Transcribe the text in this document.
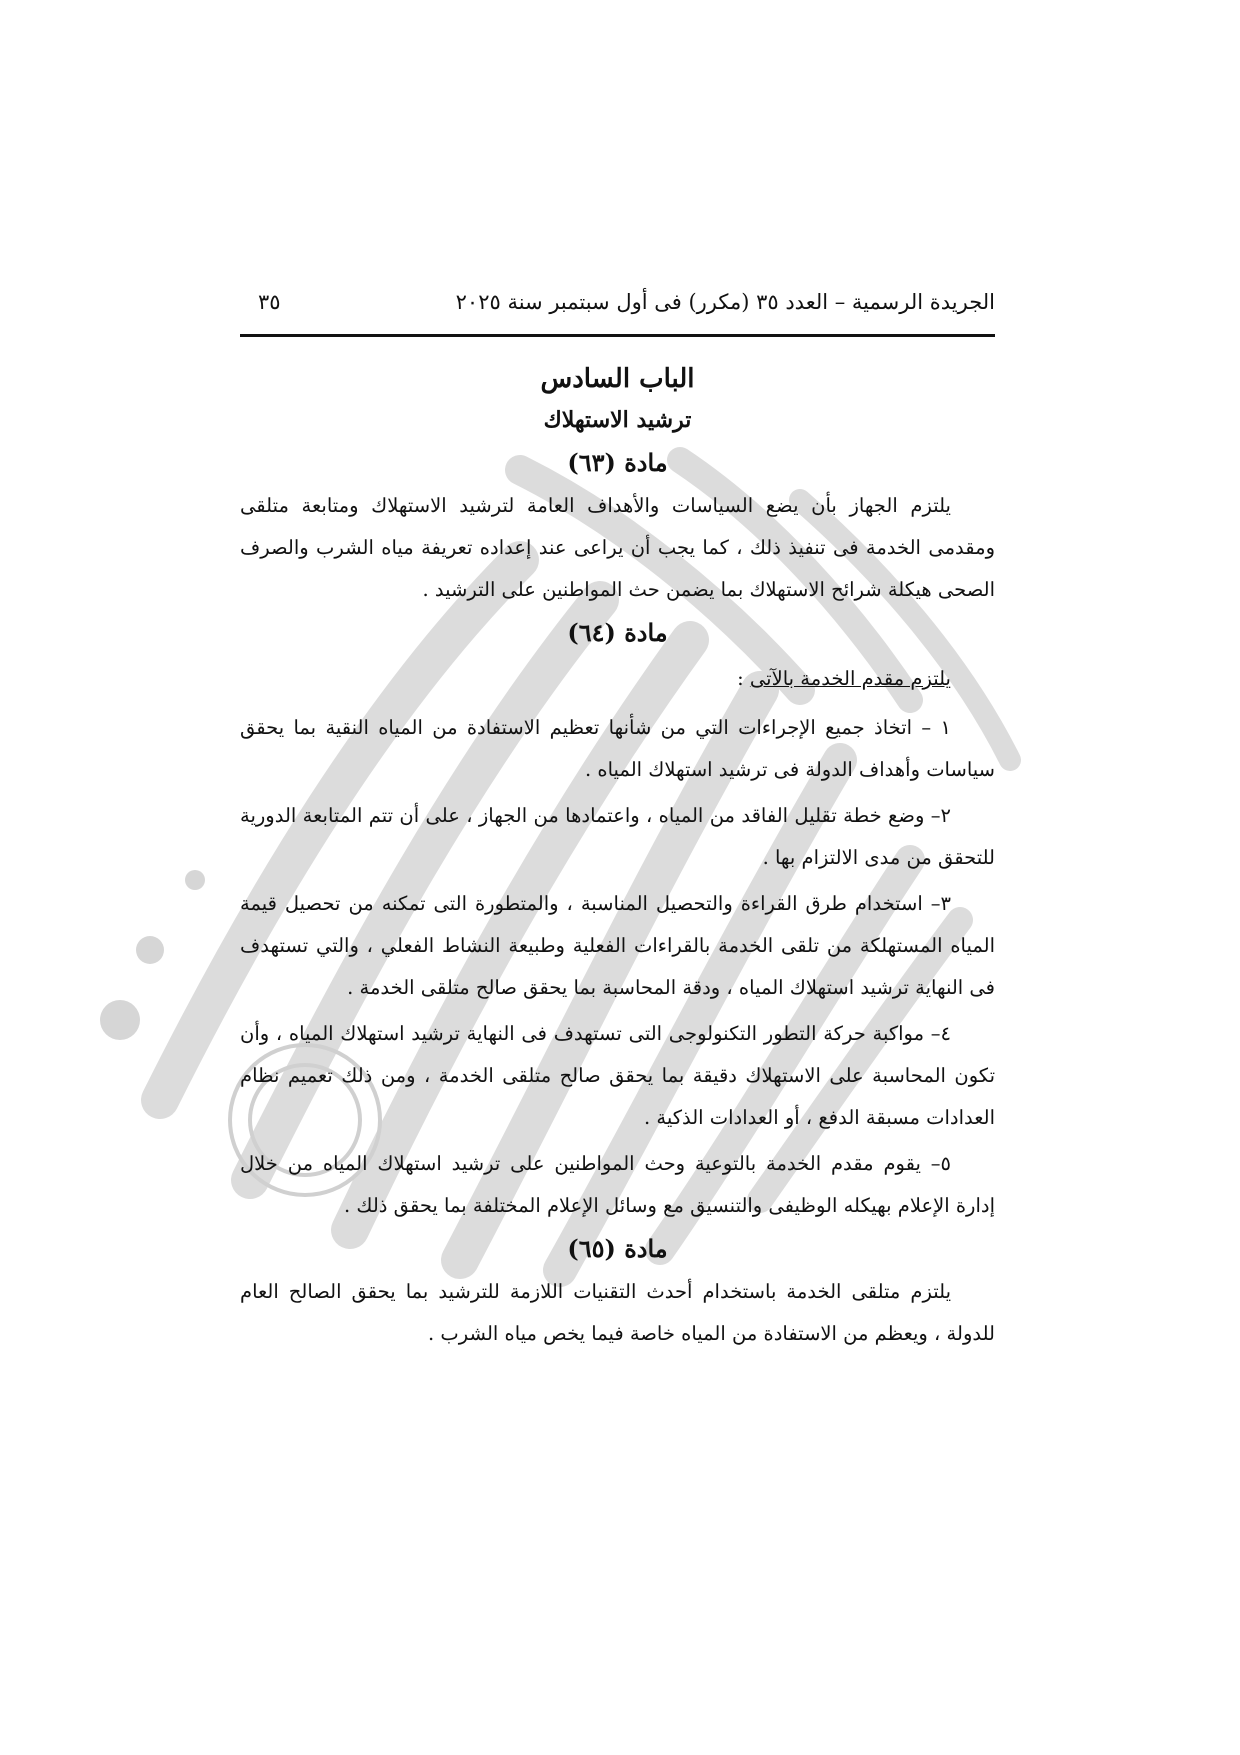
الجريدة الرسمية – العدد ٣٥ (مكرر) فى أول سبتمبر سنة ٢٠٢٥
٣٥
الباب السادس
ترشيد الاستهلاك
مادة (٦٣)

يلتزم الجهاز بأن يضع السياسات والأهداف العامة لترشيد الاستهلاك ومتابعة متلقى ومقدمى الخدمة فى تنفيذ ذلك ، كما يجب أن يراعى عند إعداده تعريفة مياه الشرب والصرف الصحى هيكلة شرائح الاستهلاك بما يضمن حث المواطنين على الترشيد .

مادة (٦٤)

يلتزم مقدم الخدمة بالآتى :

١ – اتخاذ جميع الإجراءات التي من شأنها تعظيم الاستفادة من المياه النقية بما يحقق سياسات وأهداف الدولة فى ترشيد استهلاك المياه .

٢– وضع خطة تقليل الفاقد من المياه ، واعتمادها من الجهاز ، على أن تتم المتابعة الدورية للتحقق من مدى الالتزام بها .

٣– استخدام طرق القراءة والتحصيل المناسبة ، والمتطورة التى تمكنه من تحصيل قيمة المياه المستهلكة من تلقى الخدمة بالقراءات الفعلية وطبيعة النشاط الفعلي ، والتي تستهدف فى النهاية ترشيد استهلاك المياه ، ودقة المحاسبة بما يحقق صالح متلقى الخدمة .

٤– مواكبة حركة التطور التكنولوجى التى تستهدف فى النهاية ترشيد استهلاك المياه ، وأن تكون المحاسبة على الاستهلاك دقيقة بما يحقق صالح متلقى الخدمة ، ومن ذلك تعميم نظام العدادات مسبقة الدفع ، أو العدادات الذكية .

٥– يقوم مقدم الخدمة بالتوعية وحث المواطنين على ترشيد استهلاك المياه من خلال إدارة الإعلام بهيكله الوظيفى والتنسيق مع وسائل الإعلام المختلفة بما يحقق ذلك .

مادة (٦٥)

يلتزم متلقى الخدمة باستخدام أحدث التقنيات اللازمة للترشيد بما يحقق الصالح العام للدولة ، ويعظم من الاستفادة من المياه خاصة فيما يخص مياه الشرب .
